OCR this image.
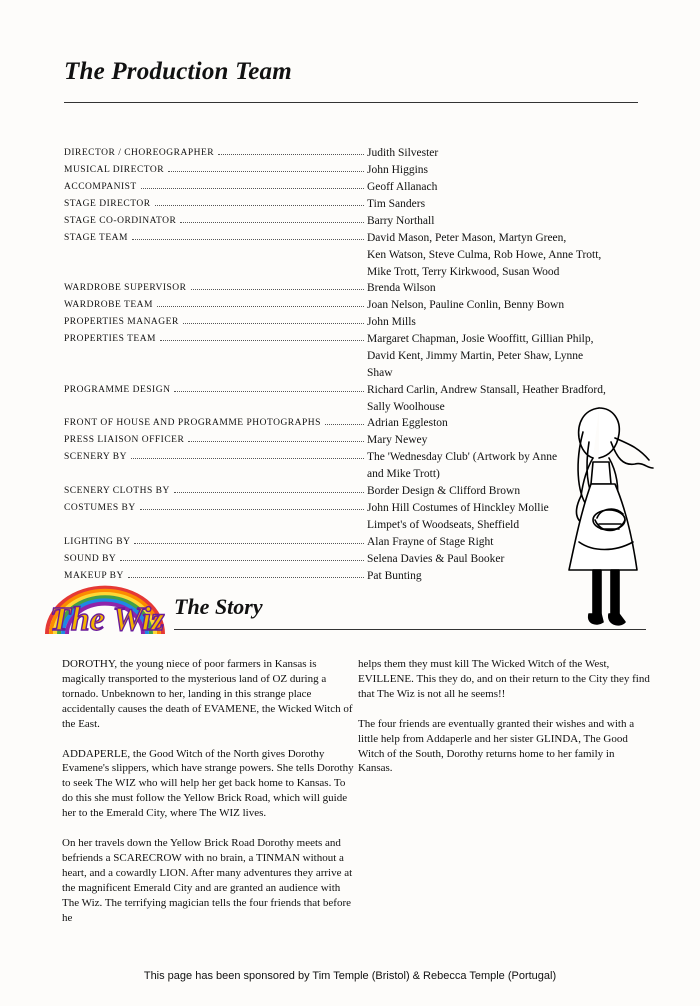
The Production Team
DIRECTOR / CHOREOGRAPHER	Judith Silvester
MUSICAL DIRECTOR	John Higgins
ACCOMPANIST	Geoff Allanach
STAGE DIRECTOR	Tim Sanders
STAGE CO-ORDINATOR	Barry Northall
STAGE TEAM	David Mason, Peter Mason, Martyn Green,
Ken Watson, Steve Culma, Rob Howe, Anne Trott,
Mike Trott, Terry Kirkwood, Susan Wood
WARDROBE SUPERVISOR	Brenda Wilson
WARDROBE TEAM	Joan Nelson, Pauline Conlin, Benny Bown
PROPERTIES MANAGER	John Mills
PROPERTIES TEAM	Margaret Chapman, Josie Wooffitt, Gillian Philp,
David Kent, Jimmy Martin, Peter Shaw, Lynne Shaw
PROGRAMME DESIGN	Richard Carlin, Andrew Stansall, Heather Bradford,
Sally Woolhouse
FRONT OF HOUSE AND PROGRAMME PHOTOGRAPHS	Adrian Eggleston
PRESS LIAISON OFFICER	Mary Newey
SCENERY BY	The 'Wednesday Club' (Artwork by Anne
and Mike Trott)
SCENERY CLOTHS BY	Border Design & Clifford Brown
COSTUMES BY	John Hill Costumes of Hinckley Mollie
Limpet's of Woodseats, Sheffield
LIGHTING BY	Alan Frayne of Stage Right
SOUND BY	Selena Davies & Paul Booker
MAKEUP BY	Pat Bunting
The Wiz The Story

DOROTHY, the young niece of poor farmers in Kansas is magically transported to the mysterious land of OZ during a tornado. Unbeknown to her, landing in this strange place accidentally causes the death of EVAMENE, the Wicked Witch of the East.

ADDAPERLE, the Good Witch of the North gives Dorothy Evamene's slippers, which have strange powers. She tells Dorothy to seek The WIZ who will help her get back home to Kansas. To do this she must follow the Yellow Brick Road, which will guide her to the Emerald City, where The WIZ lives.

On her travels down the Yellow Brick Road Dorothy meets and befriends a SCARECROW with no brain, a TINMAN without a heart, and a cowardly LION. After many adventures they arrive at the magnificent Emerald City and are granted an audience with The Wiz. The terrifying magician tells the four friends that before he

helps them they must kill The Wicked Witch of the West, EVILLENE. This they do, and on their return to the City they find that The Wiz is not all he seems!!

The four friends are eventually granted their wishes and with a little help from Addaperle and her sister GLINDA, The Good Witch of the South, Dorothy returns home to her family in Kansas.

This page has been sponsored by Tim Temple (Bristol) & Rebecca Temple (Portugal)
